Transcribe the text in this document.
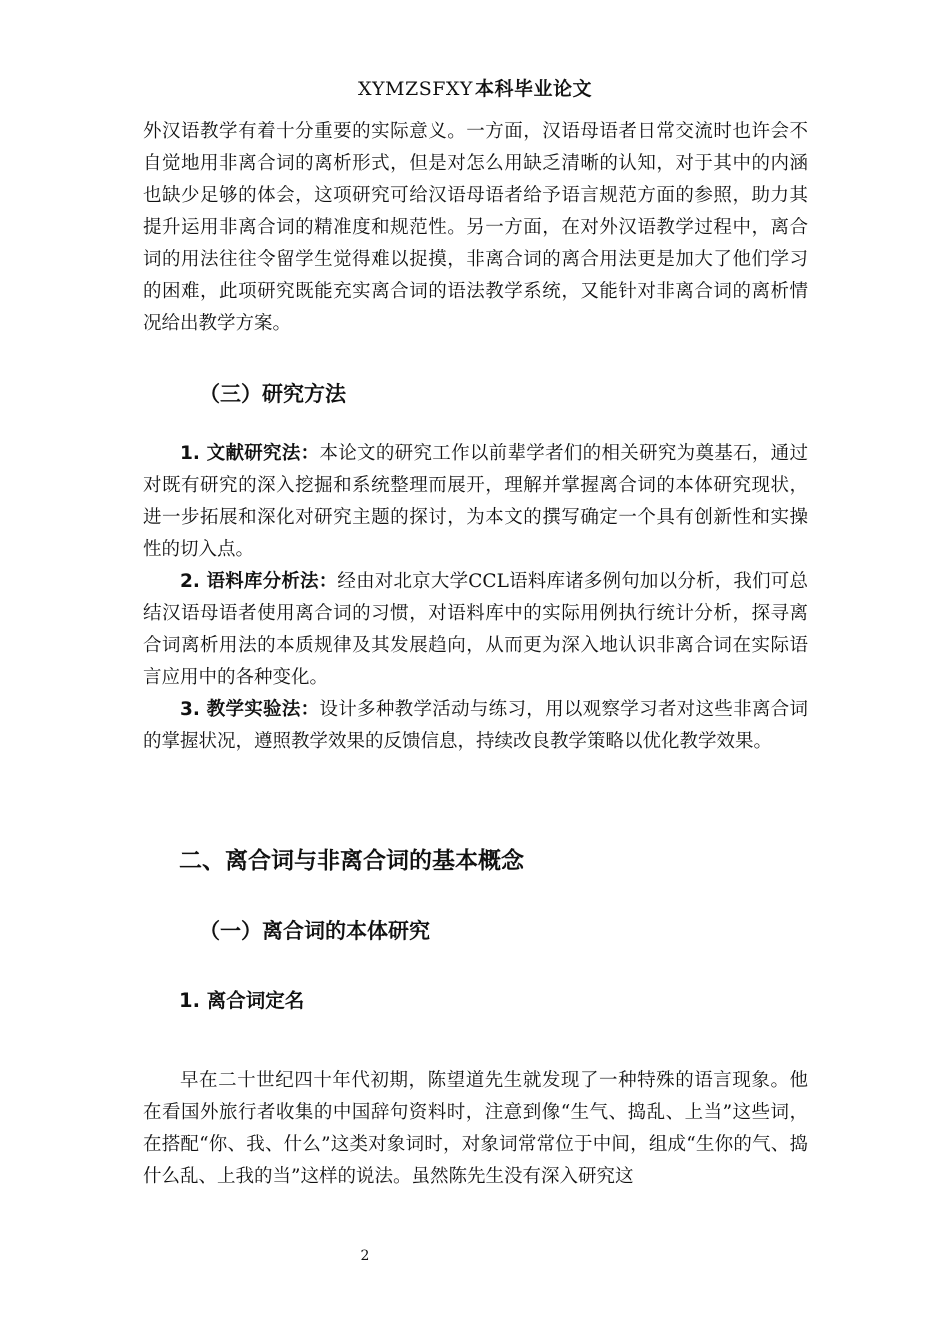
XYMZSFXY 本科毕业论文

外汉语教学有着十分重要的实际意义。一方面，汉语母语者日常交流时也许会不自觉地用非离合词的离析形式，但是对怎么用缺乏清晰的认知，对于其中的内涵也缺少足够的体会，这项研究可给汉语母语者给予语言规范方面的参照，助力其提升运用非离合词的精准度和规范性。另一方面，在对外汉语教学过程中，离合词的用法往往令留学生觉得难以捉摸，非离合词的离合用法更是加大了他们学习的困难，此项研究既能充实离合词的语法教学系统，又能针对非离合词的离析情况给出教学方案。

（三）研究方法

1. 文献研究法：本论文的研究工作以前辈学者们的相关研究为奠基石，通过对既有研究的深入挖掘和系统整理而展开，理解并掌握离合词的本体研究现状，进一步拓展和深化对研究主题的探讨，为本文的撰写确定一个具有创新性和实操性的切入点。

2. 语料库分析法：经由对北京大学CCL语料库诸多例句加以分析，我们可总结汉语母语者使用离合词的习惯，对语料库中的实际用例执行统计分析，探寻离合词离析用法的本质规律及其发展趋向，从而更为深入地认识非离合词在实际语言应用中的各种变化。

3. 教学实验法：设计多种教学活动与练习，用以观察学习者对这些非离合词的掌握状况，遵照教学效果的反馈信息，持续改良教学策略以优化教学效果。

二、离合词与非离合词的基本概念
（一）离合词的本体研究
1. 离合词定名

早在二十世纪四十年代初期，陈望道先生就发现了一种特殊的语言现象。他在看国外旅行者收集的中国辞句资料时，注意到像“生气、捣乱、上当”这些词，在搭配“你、我、什么”这类对象词时，对象词常常位于中间，组成“生你的气、捣什么乱、上我的当”这样的说法。虽然陈先生没有深入研究这

2
